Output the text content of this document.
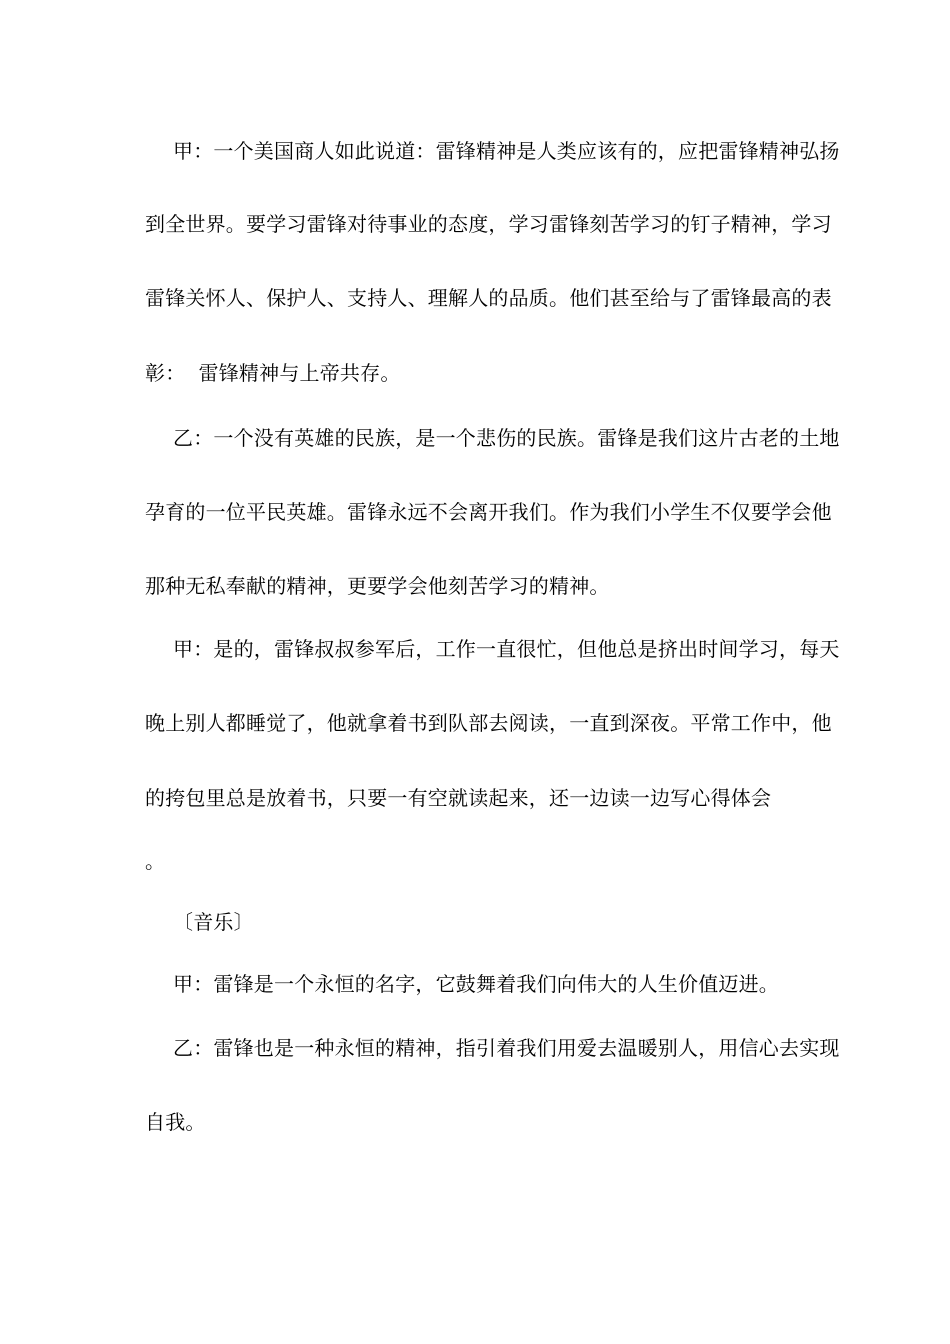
甲：一个美国商人如此说道：雷锋精神是人类应该有的，应把雷锋精神弘扬
到全世界。要学习雷锋对待事业的态度，学习雷锋刻苦学习的钉子精神，学习
雷锋关怀人、保护人、支持人、理解人的品质。他们甚至给与了雷锋最高的表
彰：  雷锋精神与上帝共存。
乙：一个没有英雄的民族，是一个悲伤的民族。雷锋是我们这片古老的土地
孕育的一位平民英雄。雷锋永远不会离开我们。作为我们小学生不仅要学会他
那种无私奉献的精神，更要学会他刻苦学习的精神。
甲：是的，雷锋叔叔参军后，工作一直很忙，但他总是挤出时间学习，每天
晚上别人都睡觉了，他就拿着书到队部去阅读，一直到深夜。平常工作中，他
的挎包里总是放着书，只要一有空就读起来，还一边读一边写心得体会
。
〔音乐〕
甲：雷锋是一个永恒的名字，它鼓舞着我们向伟大的人生价值迈进。
乙：雷锋也是一种永恒的精神，指引着我们用爱去温暖别人，用信心去实现
自我。
